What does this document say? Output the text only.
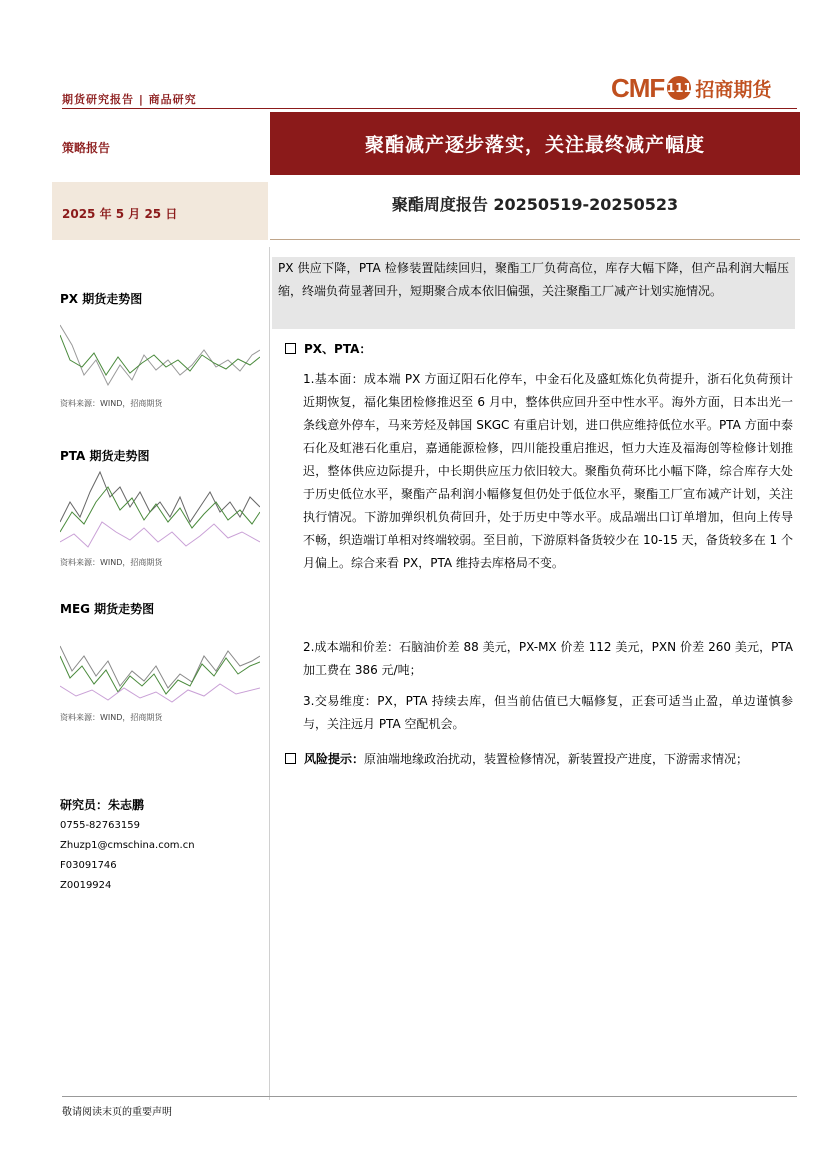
期货研究报告 | 商品研究	CMF 111 招商期货
策略报告	聚酯减产逐步落实，关注最终减产幅度
2025 年 5 月 25 日	聚酯周度报告 20250519-20250523
PX 供应下降，PTA 检修装置陆续回归，聚酯工厂负荷高位，库存大幅下降，但产品利润大幅压缩，终端负荷显著回升，短期聚合成本依旧偏强，关注聚酯工厂减产计划实施情况。
PX、PTA：
1.基本面：成本端 PX 方面辽阳石化停车，中金石化及盛虹炼化负荷提升，浙石化负荷预计近期恢复，福化集团检修推迟至 6 月中，整体供应回升至中性水平。海外方面，日本出光一条线意外停车，马来芳烃及韩国 SKGC 有重启计划，进口供应维持低位水平。PTA 方面中泰石化及虹港石化重启，嘉通能源检修，四川能投重启推迟，恒力大连及福海创等检修计划推迟，整体供应边际提升，中长期供应压力依旧较大。聚酯负荷环比小幅下降，综合库存大处于历史低位水平，聚酯产品利润小幅修复但仍处于低位水平，聚酯工厂宣布减产计划，关注执行情况。下游加弹织机负荷回升，处于历史中等水平。成品端出口订单增加，但向上传导不畅，织造端订单相对终端较弱。至目前，下游原料备货较少在 10-15 天，备货较多在 1 个月偏上。综合来看 PX，PTA 维持去库格局不变。
2.成本端和价差：石脑油价差 88 美元，PX-MX 价差 112 美元，PXN 价差 260 美元，PTA 加工费在 386 元/吨；
3.交易维度：PX，PTA 持续去库，但当前估值已大幅修复，正套可适当止盈，单边谨慎参与，关注远月 PTA 空配机会。
风险提示：原油端地缘政治扰动，装置检修情况，新装置投产进度，下游需求情况；
PX 期货走势图
资料来源：WIND，招商期货
PTA 期货走势图
资料来源：WIND，招商期货
MEG 期货走势图
资料来源：WIND，招商期货
研究员：朱志鹏
0755-82763159
Zhuzp1@cmschina.com.cn
F03091746
Z0019924
敬请阅读末页的重要声明
